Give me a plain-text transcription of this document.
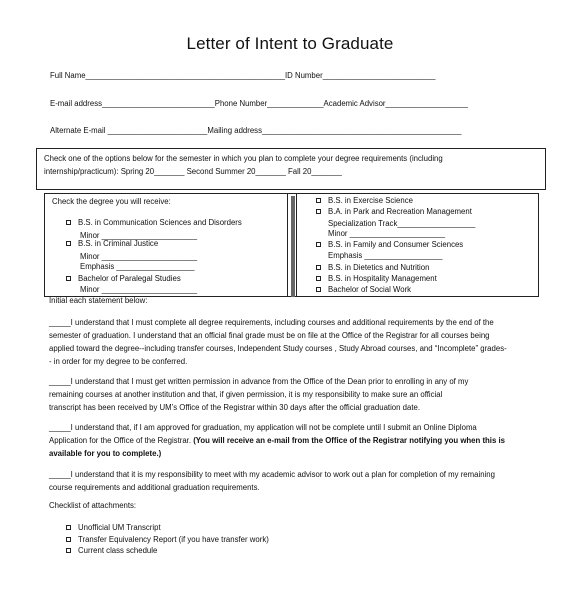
Letter of Intent to Graduate
Full Name______________________________________________ID Number__________________________
E-mail address__________________________Phone Number_____________Academic Advisor___________________
Alternate E-mail _______________________Mailing address______________________________________________
Check one of the options below for the semester in which you plan to complete your degree requirements (including
internship/practicum): Spring 20_______ Second Summer 20_______ Fall 20_______
Check the degree you will receive:
B.S. in Communication Sciences and Disorders
Minor ______________________
B.S. in Criminal Justice
Minor ______________________
Emphasis __________________
Bachelor of Paralegal Studies
Minor ______________________
B.S. in Exercise Science
B.A. in Park and Recreation Management
Specialization Track__________________
Minor ______________________
B.S. in Family and Consumer Sciences
Emphasis __________________
B.S. in Dietetics and Nutrition
B.S. in Hospitality Management
Bachelor of Social Work
Initial each statement below:

_____I understand that I must complete all degree requirements, including courses and additional requirements by the end of the

semester of graduation. I understand that an official final grade must be on file at the Office of the Registrar for all courses being

applied toward the degree--including transfer courses, Independent Study courses , Study Abroad courses, and “Incomplete” grades-

- in order for my degree to be conferred.

_____I understand that I must get written permission in advance from the Office of the Dean prior to enrolling in any of my

remaining courses at another institution and that, if given permission, it is my responsibility to make sure an official

transcript has been received by UM’s Office of the Registrar within 30 days after the official graduation date.

_____I understand that, if I am approved for graduation, my application will not be complete until I submit an Online Diploma

Application for the Office of the Registrar. (You will receive an e-mail from the Office of the Registrar notifying you when this is

available for you to complete.)

_____I understand that it is my responsibility to meet with my academic advisor to work out a plan for completion of my remaining

course requirements and additional graduation requirements.

Checklist of attachments:
Unofficial UM Transcript
Transfer Equivalency Report (if you have transfer work)
Current class schedule
